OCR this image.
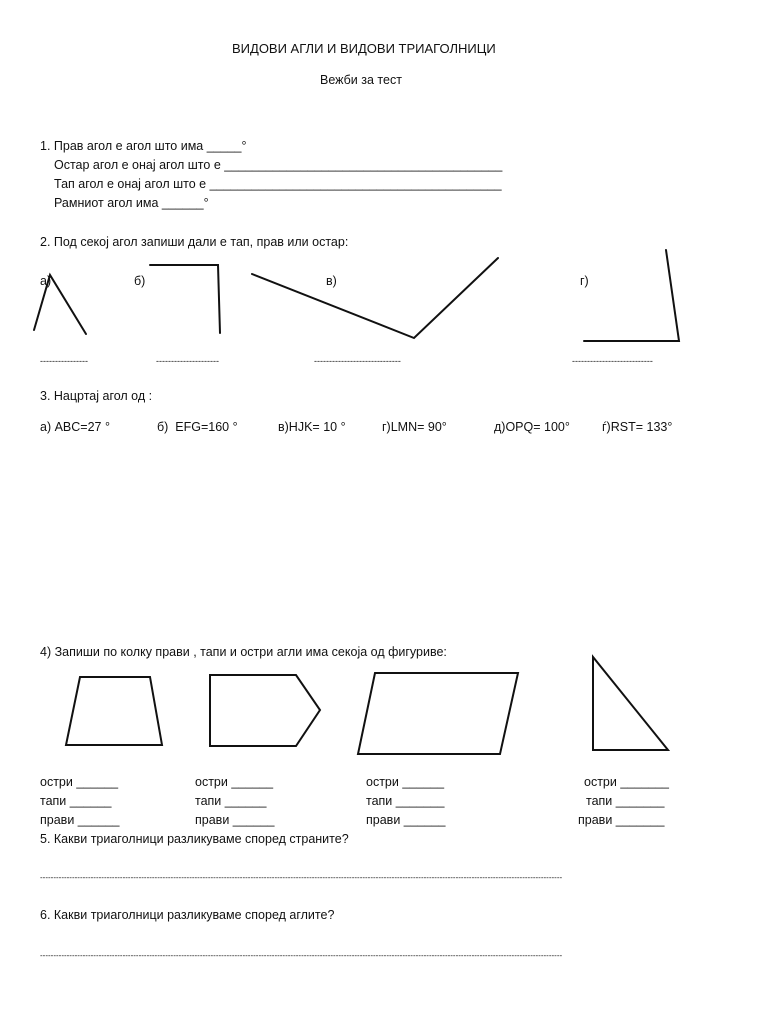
ВИДОВИ АГЛИ И ВИДОВИ ТРИАГОЛНИЦИ
Вежби за тест
1. Прав агол е агол што има _____°
Остар агол е онај агол што е ________________________________________
Тап агол е онај агол што е __________________________________________
Рамниот агол има ______°
2. Под секој агол запиши дали е тап, прав или остар:
а)	б)	в)	г)
----------------	---------------------	-----------------------------	---------------------------
3. Нацртај агол од :
а) ABC=27 °	б)  EFG=160 °	в)HJK= 10 °	г)LMN= 90°	д)OPQ= 100°	ѓ)RST= 133°
4) Запиши по колку прави , тапи и остри агли има секоја од фигуриве:
остри ______
тапи ______
прави ______
остри ______
тапи ______
прави ______
остри ______
тапи _______
прави ______
остри _______
тапи _______
прави _______
5. Какви триаголници разликуваме според страните?
----------------------------------------------------------------------------------------------------------------------------------------------------------------------------------------------------
6. Какви триаголници разликуваме според аглите?
----------------------------------------------------------------------------------------------------------------------------------------------------------------------------------------------------
